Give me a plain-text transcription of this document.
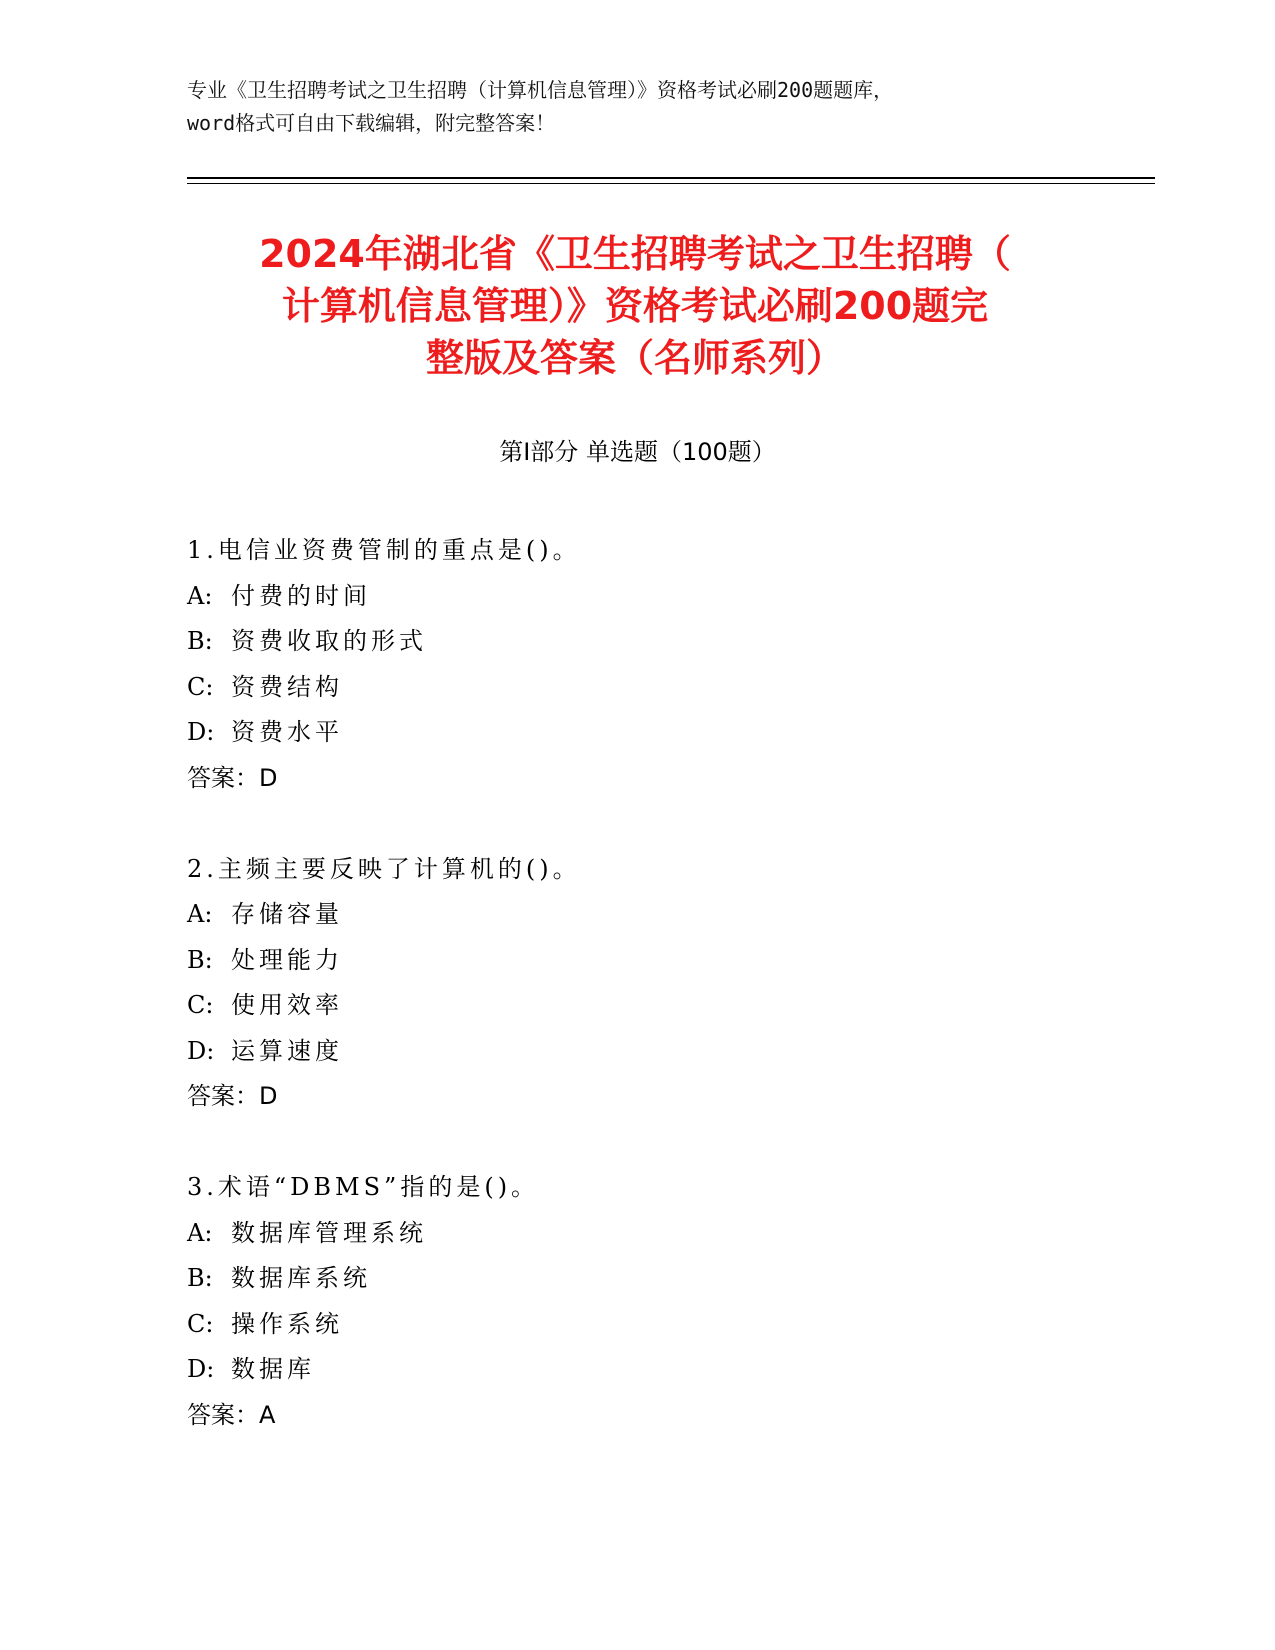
专业《卫生招聘考试之卫生招聘（计算机信息管理）》资格考试必刷200题题库，
word格式可自由下载编辑，附完整答案！
2024年湖北省《卫生招聘考试之卫生招聘（
计算机信息管理）》资格考试必刷200题完
整版及答案（名师系列）
第Ⅰ部分 单选题（100题）
1.电信业资费管制的重点是()。
A: 付费的时间
B: 资费收取的形式
C: 资费结构
D: 资费水平
答案：D
2.主频主要反映了计算机的()。
A: 存储容量
B: 处理能力
C: 使用效率
D: 运算速度
答案：D
3.术语“DBMS”指的是()。
A: 数据库管理系统
B: 数据库系统
C: 操作系统
D: 数据库
答案：A
